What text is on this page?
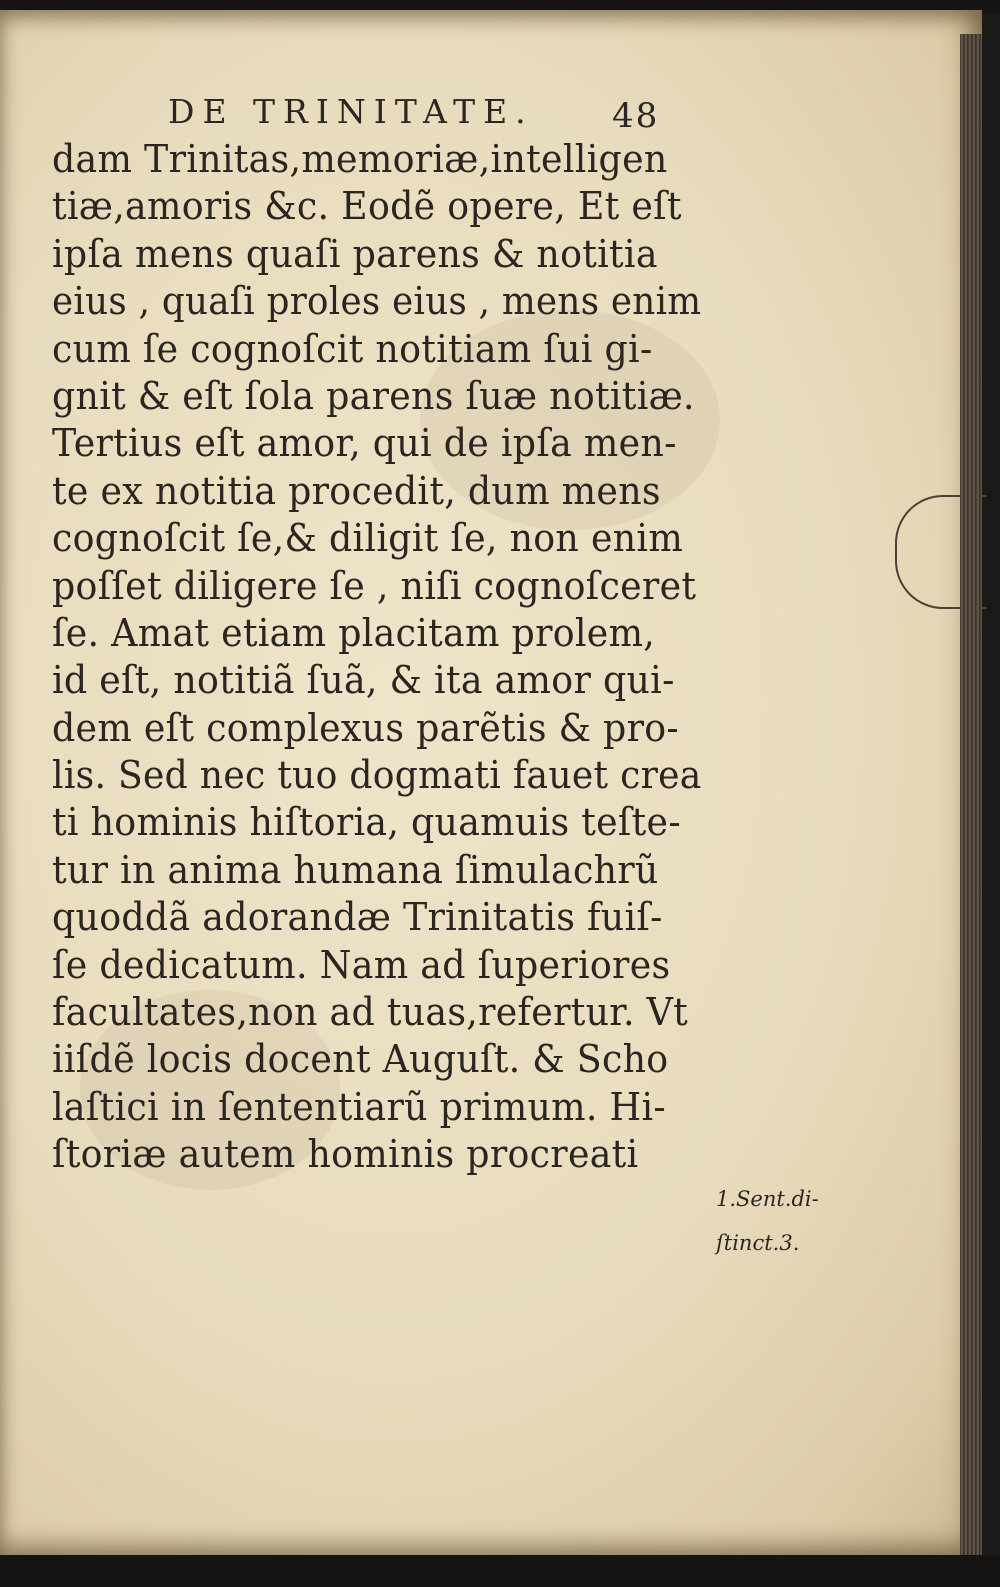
DE TRINITATE. 48
dam Trinitas,memoriæ,intelligen
tiæ,amoris &c. Eodẽ opere, Et eſt
ipſa mens quaſi parens & notitia
eius , quaſi proles eius , mens enim
cum ſe cognoſcit notitiam ſui gi-
gnit & eſt ſola parens ſuæ notitiæ.
Tertius eſt amor, qui de ipſa men-
te ex notitia procedit, dum mens
cognoſcit ſe,& diligit ſe, non enim
poſſet diligere ſe , niſi cognoſceret
ſe. Amat etiam placitam prolem,
id eſt, notitiã ſuã, & ita amor qui-
dem eſt complexus parẽtis & pro-
lis. Sed nec tuo dogmati fauet crea
ti hominis hiſtoria, quamuis teſte-
tur in anima humana ſimulachrũ
quoddã adorandæ Trinitatis fuiſ-
ſe dedicatum. Nam ad ſuperiores
facultates,non ad tuas,refertur. Vt
iiſdẽ locis docent Auguſt. & Scho
laſtici in ſententiarũ primum. Hi-
ſtoriæ autem hominis procreati
1.Sent.di-
ſtinct.3.
